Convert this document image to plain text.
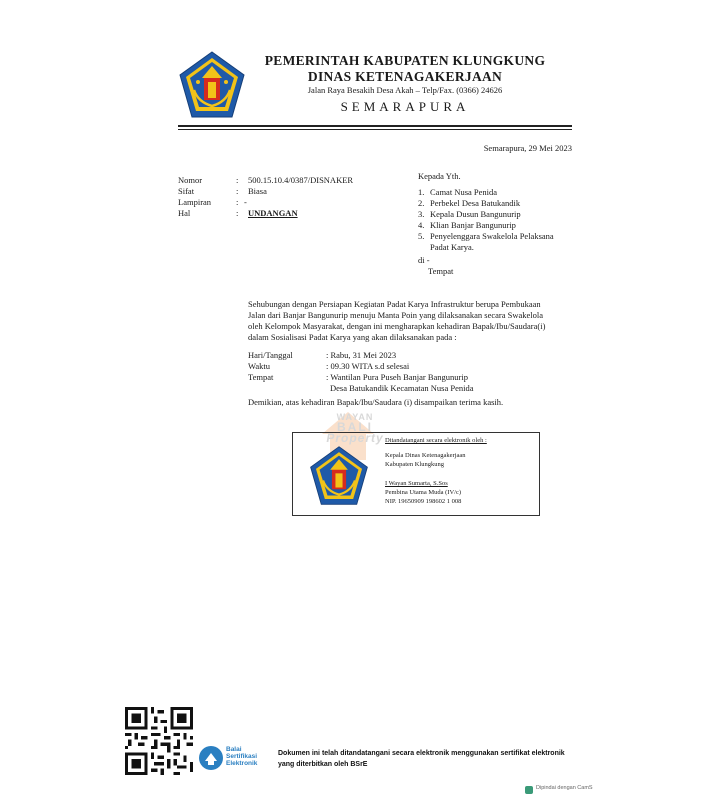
PEMERINTAH KABUPATEN KLUNGKUNG
DINAS KETENAGAKERJAAN
Jalan Raya Besakih Desa Akah – Telp/Fax. (0366) 24626
SEMARAPURA
Semarapura, 29 Mei 2023
Nomor	:	500.15.10.4/0387/DISNAKER
Sifat	:	Biasa
Lampiran	: -
Hal	:	UNDANGAN
Kepada Yth.
1. Camat Nusa Penida
2. Perbekel Desa Batukandik
3. Kepala Dusun Bangunurip
4. Klian Banjar Bangunurip
5. Penyelenggara Swakelola Pelaksana
Padat Karya.
di -
Tempat
Sehubungan dengan Persiapan Kegiatan Padat Karya Infrastruktur berupa Pembukaan
Jalan dari Banjar Bangunurip menuju Manta Poin yang dilaksanakan secara Swakelola
oleh Kelompok Masyarakat, dengan ini mengharapkan kehadiran Bapak/Ibu/Saudara(i)
dalam Sosialisasi Padat Karya yang akan dilaksanakan pada :
Hari/Tanggal	: Rabu, 31 Mei 2023
Waktu	: 09.30 WITA s.d selesai
Tempat	: Wantilan Pura Puseh Banjar Bangunurip
Desa Batukandik Kecamatan Nusa Penida
Demikian, atas kehadiran Bapak/Ibu/Saudara (i) disampaikan terima kasih.
WAYAN
BALI
Property Ditandatangani secara elektronik oleh :
Kepala Dinas Ketenagakerjaan
Kabupaten Klungkung
I Wayan Sumarta, S.Sos
Pembina Utama Muda (IV/c)
NIP. 19650909 198602 1 008
Balai
Sertifikasi
Elektronik
Dokumen ini telah ditandatangani secara elektronik menggunakan sertifikat elektronik
yang diterbitkan oleh BSrE
Dipindai dengan CamS
